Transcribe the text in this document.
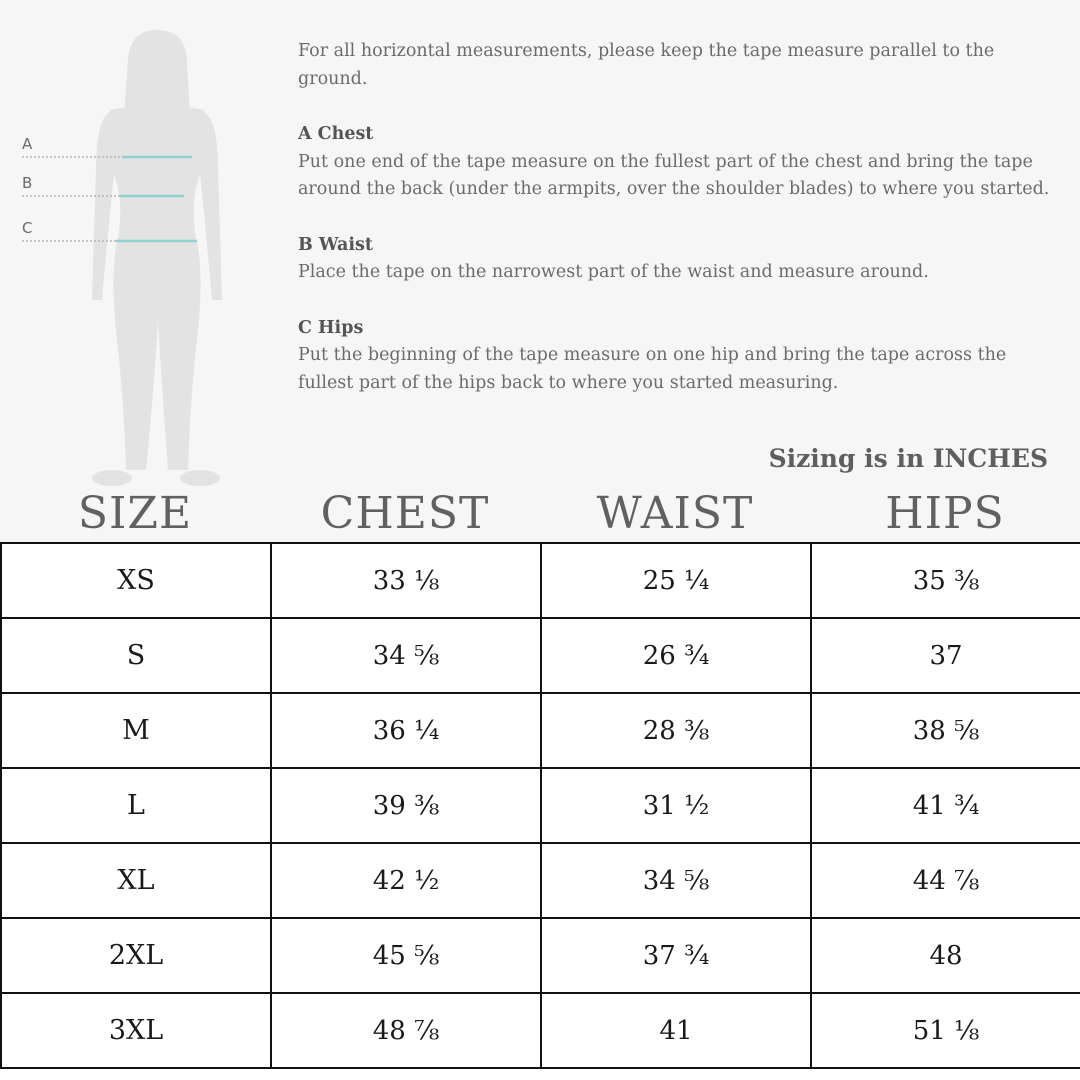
A
B
C

For all horizontal measurements, please keep the tape measure parallel to the ground.

A Chest

Put one end of the tape measure on the fullest part of the chest and bring the tape around the back (under the armpits, over the shoulder blades) to where you started.

B Waist

Place the tape on the narrowest part of the waist and measure around.

C Hips

Put the beginning of the tape measure on one hip and bring the tape across the fullest part of the hips back to where you started measuring.

Sizing is in INCHES
SIZE	CHEST	WAIST	HIPS
XS	33 ⅛	25 ¼	35 ⅜
S	34 ⅝	26 ¾	37
M	36 ¼	28 ⅜	38 ⅝
L	39 ⅜	31 ½	41 ¾
XL	42 ½	34 ⅝	44 ⅞
2XL	45 ⅝	37 ¾	48
3XL	48 ⅞	41	51 ⅛
